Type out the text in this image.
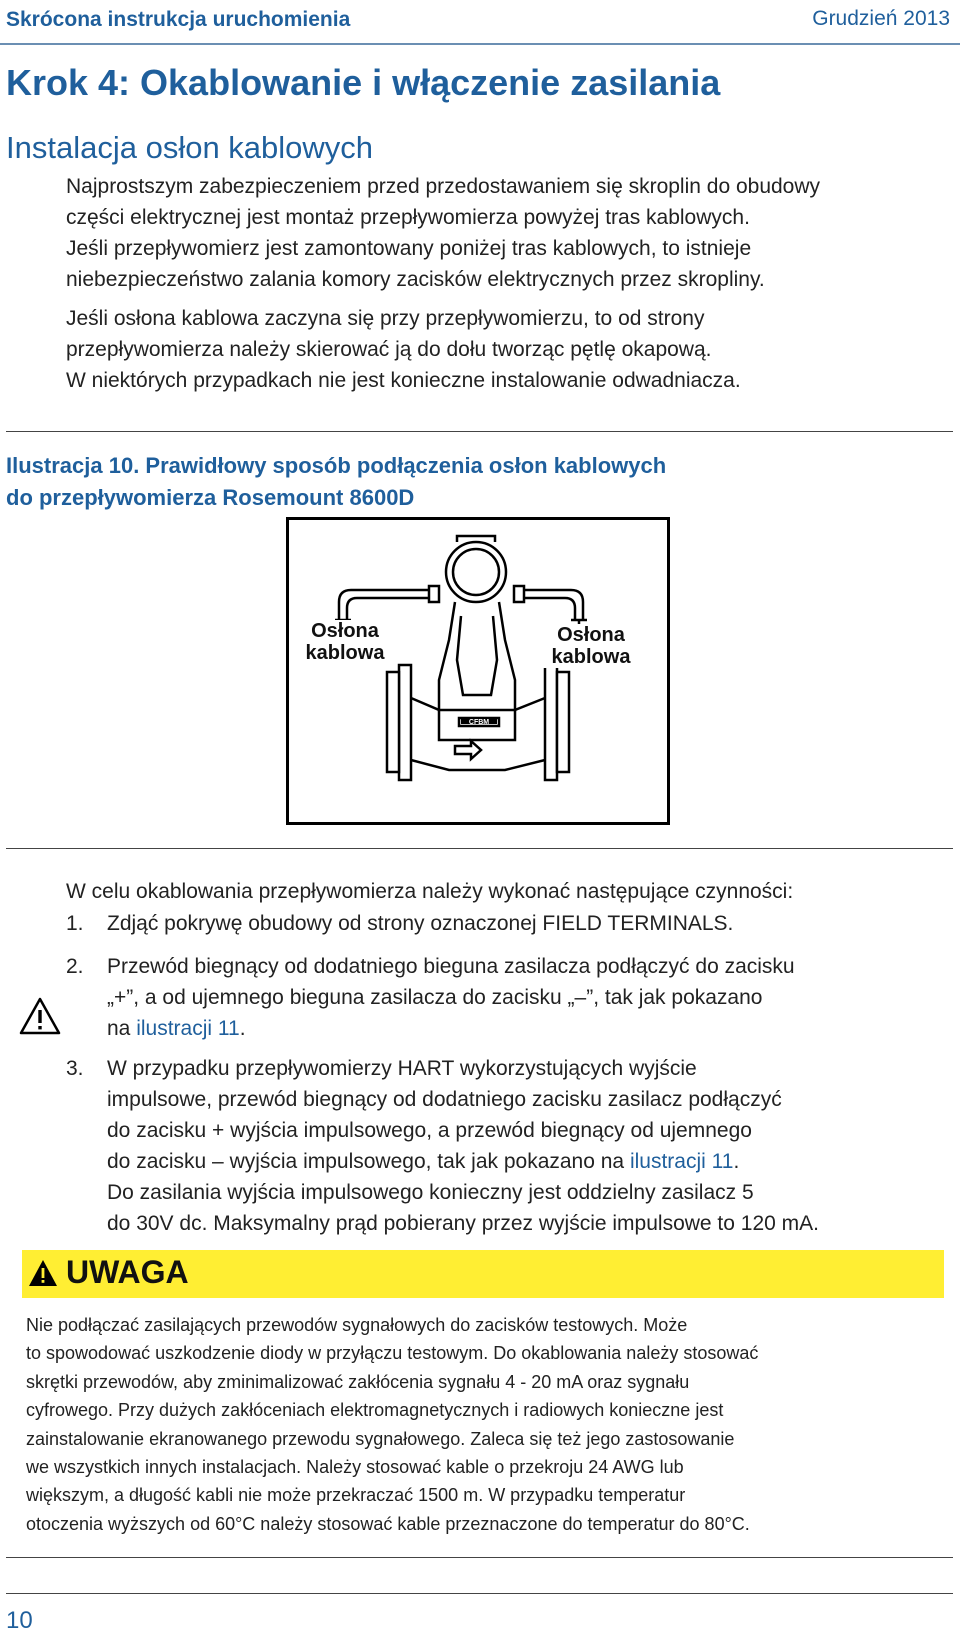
Skrócona instrukcja uruchomienia	Grudzień 2013
Krok 4: Okablowanie i włączenie zasilania
Instalacja osłon kablowych
Najprostszym zabezpieczeniem przed przedostawaniem się skroplin do obudowy
części elektrycznej jest montaż przepływomierza powyżej tras kablowych.
Jeśli przepływomierz jest zamontowany poniżej tras kablowych, to istnieje
niebezpieczeństwo zalania komory zacisków elektrycznych przez skropliny.
Jeśli osłona kablowa zaczyna się przy przepływomierzu, to od strony
przepływomierza należy skierować ją do dołu tworząc pętlę okapową.
W niektórych przypadkach nie jest konieczne instalowanie odwadniacza.
Ilustracja 10. Prawidłowy sposób podłączenia osłon kablowych
do przepływomierza Rosemount 8600D
CFBM
Osłona
kablowa
Osłona
kablowa
W celu okablowania przepływomierza należy wykonać następujące czynności:
1. Zdjąć pokrywę obudowy od strony oznaczonej FIELD TERMINALS.
2. Przewód biegnący od dodatniego bieguna zasilacza podłączyć do zacisku
„+”, a od ujemnego bieguna zasilacza do zacisku „–”, tak jak pokazano
na ilustracji 11.
3. W przypadku przepływomierzy HART wykorzystujących wyjście
impulsowe, przewód biegnący od dodatniego zacisku zasilacz podłączyć
do zacisku + wyjścia impulsowego, a przewód biegnący od ujemnego
do zacisku – wyjścia impulsowego, tak jak pokazano na ilustracji 11.
Do zasilania wyjścia impulsowego konieczny jest oddzielny zasilacz 5
do 30V dc. Maksymalny prąd pobierany przez wyjście impulsowe to 120 mA.
UWAGA
Nie podłączać zasilających przewodów sygnałowych do zacisków testowych. Może
to spowodować uszkodzenie diody w przyłączu testowym. Do okablowania należy stosować
skrętki przewodów, aby zminimalizować zakłócenia sygnału 4 - 20 mA oraz sygnału
cyfrowego. Przy dużych zakłóceniach elektromagnetycznych i radiowych konieczne jest
zainstalowanie ekranowanego przewodu sygnałowego. Zaleca się też jego zastosowanie
we wszystkich innych instalacjach. Należy stosować kable o przekroju 24 AWG lub
większym, a długość kabli nie może przekraczać 1500 m. W przypadku temperatur
otoczenia wyższych od 60°C należy stosować kable przeznaczone do temperatur do 80°C.
10
